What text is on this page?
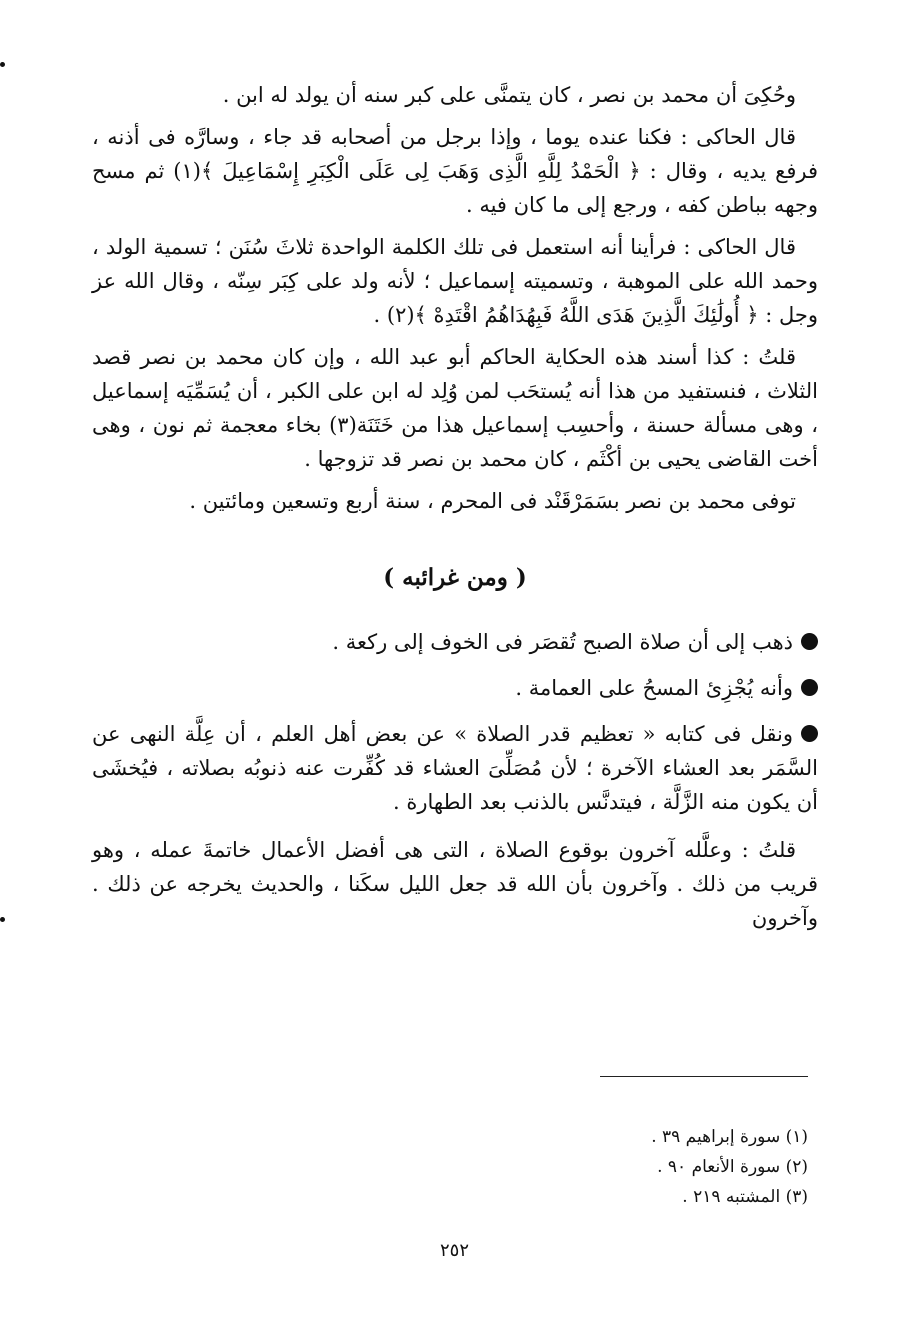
وحُكِىَ أن محمد بن نصر ، كان يتمنَّى على كبر سنه أن يولد له ابن .

قال الحاكى : فكنا عنده يوما ، وإذا برجل من أصحابه قد جاء ، وسارَّه فى أذنه ، فرفع يديه ، وقال : ﴿ الْحَمْدُ لِلَّهِ الَّذِى وَهَبَ لِى عَلَى الْكِبَرِ إِسْمَاعِيلَ ﴾(١) ثم مسح وجهه بباطن كفه ، ورجع إلى ما كان فيه .

قال الحاكى : فرأينا أنه استعمل فى تلك الكلمة الواحدة ثلاثَ سُنَن ؛ تسمية الولد ، وحمد الله على الموهبة ، وتسميته إسماعيل ؛ لأنه ولد على كِبَر سِنّه ، وقال الله عز وجل : ﴿ أُولَٰئِكَ الَّذِينَ هَدَى اللَّهُ فَبِهُدَاهُمُ اقْتَدِهْ ﴾(٢) .

قلتُ : كذا أسند هذه الحكاية الحاكم أبو عبد الله ، وإن كان محمد بن نصر قصد الثلاث ، فنستفيد من هذا أنه يُستحَب لمن وُلِد له ابن على الكبر ، أن يُسَمِّيَه إسماعيل ، وهى مسألة حسنة ، وأحسِب إسماعيل هذا من خَتَنَة(٣) بخاء معجمة ثم نون ، وهى أخت القاضى يحيى بن أكْثَم ، كان محمد بن نصر قد تزوجها .

توفى محمد بن نصر بسَمَرْقَنْد فى المحرم ، سنة أربع وتسعين ومائتين .

( ومن غرائبه )
ذهب إلى أن صلاة الصبح تُقصَر فى الخوف إلى ركعة .
وأنه يُجْزِئ المسحُ على العمامة .
ونقل فى كتابه « تعظيم قدر الصلاة » عن بعض أهل العلم ، أن عِلَّة النهى عن السَّمَر بعد العشاء الآخرة ؛ لأن مُصَلِّىَ العشاء قد كُفِّرت عنه ذنوبُه بصلاته ، فيُخشَى أن يكون منه الزَّلَّة ، فيتدنَّس بالذنب بعد الطهارة .

قلتُ : وعلَّله آخرون بوقوع الصلاة ، التى هى أفضل الأعمال خاتمةَ عمله ، وهو قريب من ذلك . وآخرون بأن الله قد جعل الليل سكَنا ، والحديث يخرجه عن ذلك . وآخرون

(١) سورة إبراهيم ٣٩ .
(٢) سورة الأنعام ٩٠ .
(٣) المشتبه ٢١٩ .
٢٥٢
